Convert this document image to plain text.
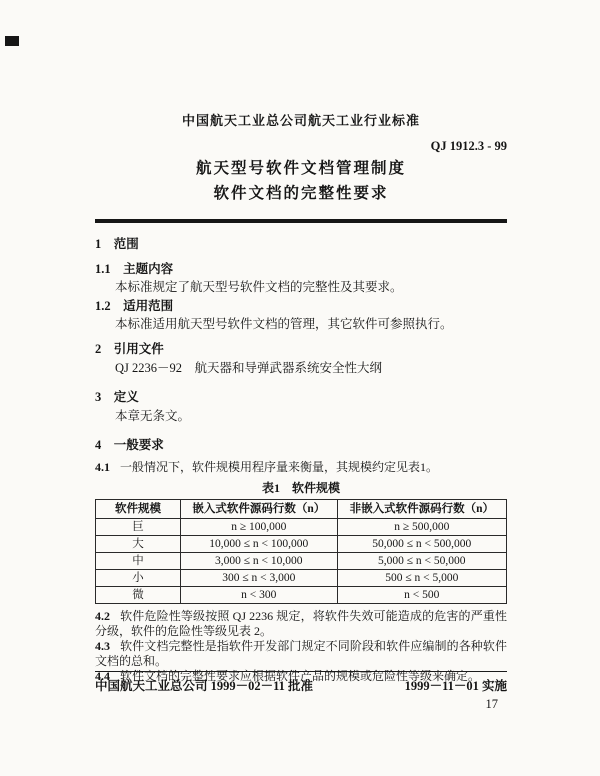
中国航天工业总公司航天工业行业标准
QJ 1912.3 - 99
航天型号软件文档管理制度
软件文档的完整性要求
1　范围
1.1　主题内容

本标准规定了航天型号软件文档的完整性及其要求。

1.2　适用范围

本标准适用航天型号软件文档的管理，其它软件可参照执行。

2　引用文件

QJ 2236－92　航天器和导弹武器系统安全性大纲

3　定义

本章无条文。

4　一般要求

4.1 一般情况下，软件规模用程序量来衡量，其规模约定见表1。

表1　软件规模
软件规模	嵌入式软件源码行数（n）	非嵌入式软件源码行数（n）
巨	n ≥ 100,000	n ≥ 500,000
大	10,000 ≤ n < 100,000	50,000 ≤ n < 500,000
中	3,000 ≤ n < 10,000	5,000 ≤ n < 50,000
小	300 ≤ n < 3,000	500 ≤ n < 5,000
微	n < 300	n < 500

4.2 软件危险性等级按照 QJ 2236 规定，将软件失效可能造成的危害的严重性分级，软件的危险性等级见表 2。

4.3 软件文档完整性是指软件开发部门规定不同阶段和软件应编制的各种软件文档的总和。

4.4 软件文档的完整性要求应根据软件产品的规模或危险性等级来确定。

中国航天工业总公司 1999－02－11 批准	1999－11－01 实施
17
